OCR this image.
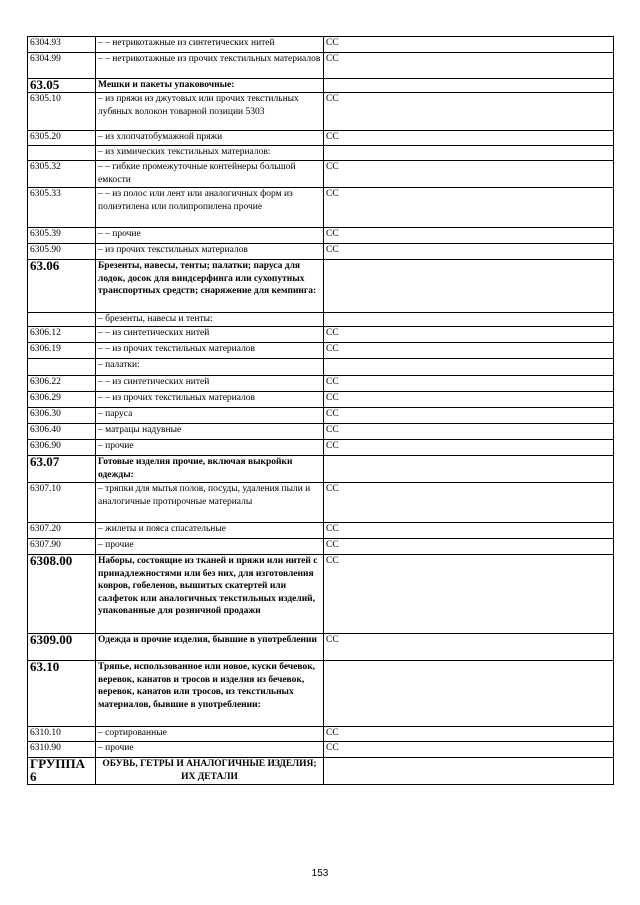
6304.93	– – нетрикотажные из синтетических нитей	CC
6304.99	– – нетрикотажные из прочих текстильных материалов	CC
63.05	Мешки и пакеты упаковочные:	
6305.10	– из пряжи из джутовых или прочих текстильных лубяных волокон товарной позиции 5303	CC
6305.20	– из хлопчатобумажной пряжи	CC
	– из химических текстильных материалов:	
6305.32	– – гибкие промежуточные контейнеры большой емкости	CC
6305.33	– – из полос или лент или аналогичных форм из полиэтилена или полипропилена прочие	CC
6305.39	– – прочие	CC
6305.90	– из прочих текстильных материалов	CC
63.06	Брезенты, навесы, тенты; палатки; паруса для лодок, досок для виндсерфинга или сухопутных транспортных средств; снаряжение для кемпинга:	
	– брезенты, навесы и тенты:	
6306.12	– – из синтетических нитей	CC
6306.19	– – из прочих текстильных материалов	CC
	– палатки:	
6306.22	– – из синтетических нитей	CC
6306.29	– – из прочих текстильных материалов	CC
6306.30	– паруса	CC
6306.40	– матрацы надувные	CC
6306.90	– прочие	CC
63.07	Готовые изделия прочие, включая выкройки одежды:	
6307.10	– тряпки для мытья полов, посуды, удаления пыли и аналогичные протирочные материалы	CC
6307.20	– жилеты и пояса спасательные	CC
6307.90	– прочие	CC
6308.00	Наборы, состоящие из тканей и пряжи или нитей с принадлежностями или без них, для изготовления ковров, гобеленов, вышитых скатертей или салфеток или аналогичных текстильных изделий, упакованные для розничной продажи	CC
6309.00	Одежда и прочие изделия, бывшие в употреблении	CC
63.10	Тряпье, использованное или новое, куски бечевок, веревок, канатов и тросов и изделия из бечевок, веревок, канатов или тросов, из текстильных материалов, бывшие в употреблении:	
6310.10	– сортированные	CC
6310.90	– прочие	CC
ГРУППА 6	ОБУВЬ, ГЕТРЫ И АНАЛОГИЧНЫЕ ИЗДЕЛИЯ; ИХ ДЕТАЛИ	
153
